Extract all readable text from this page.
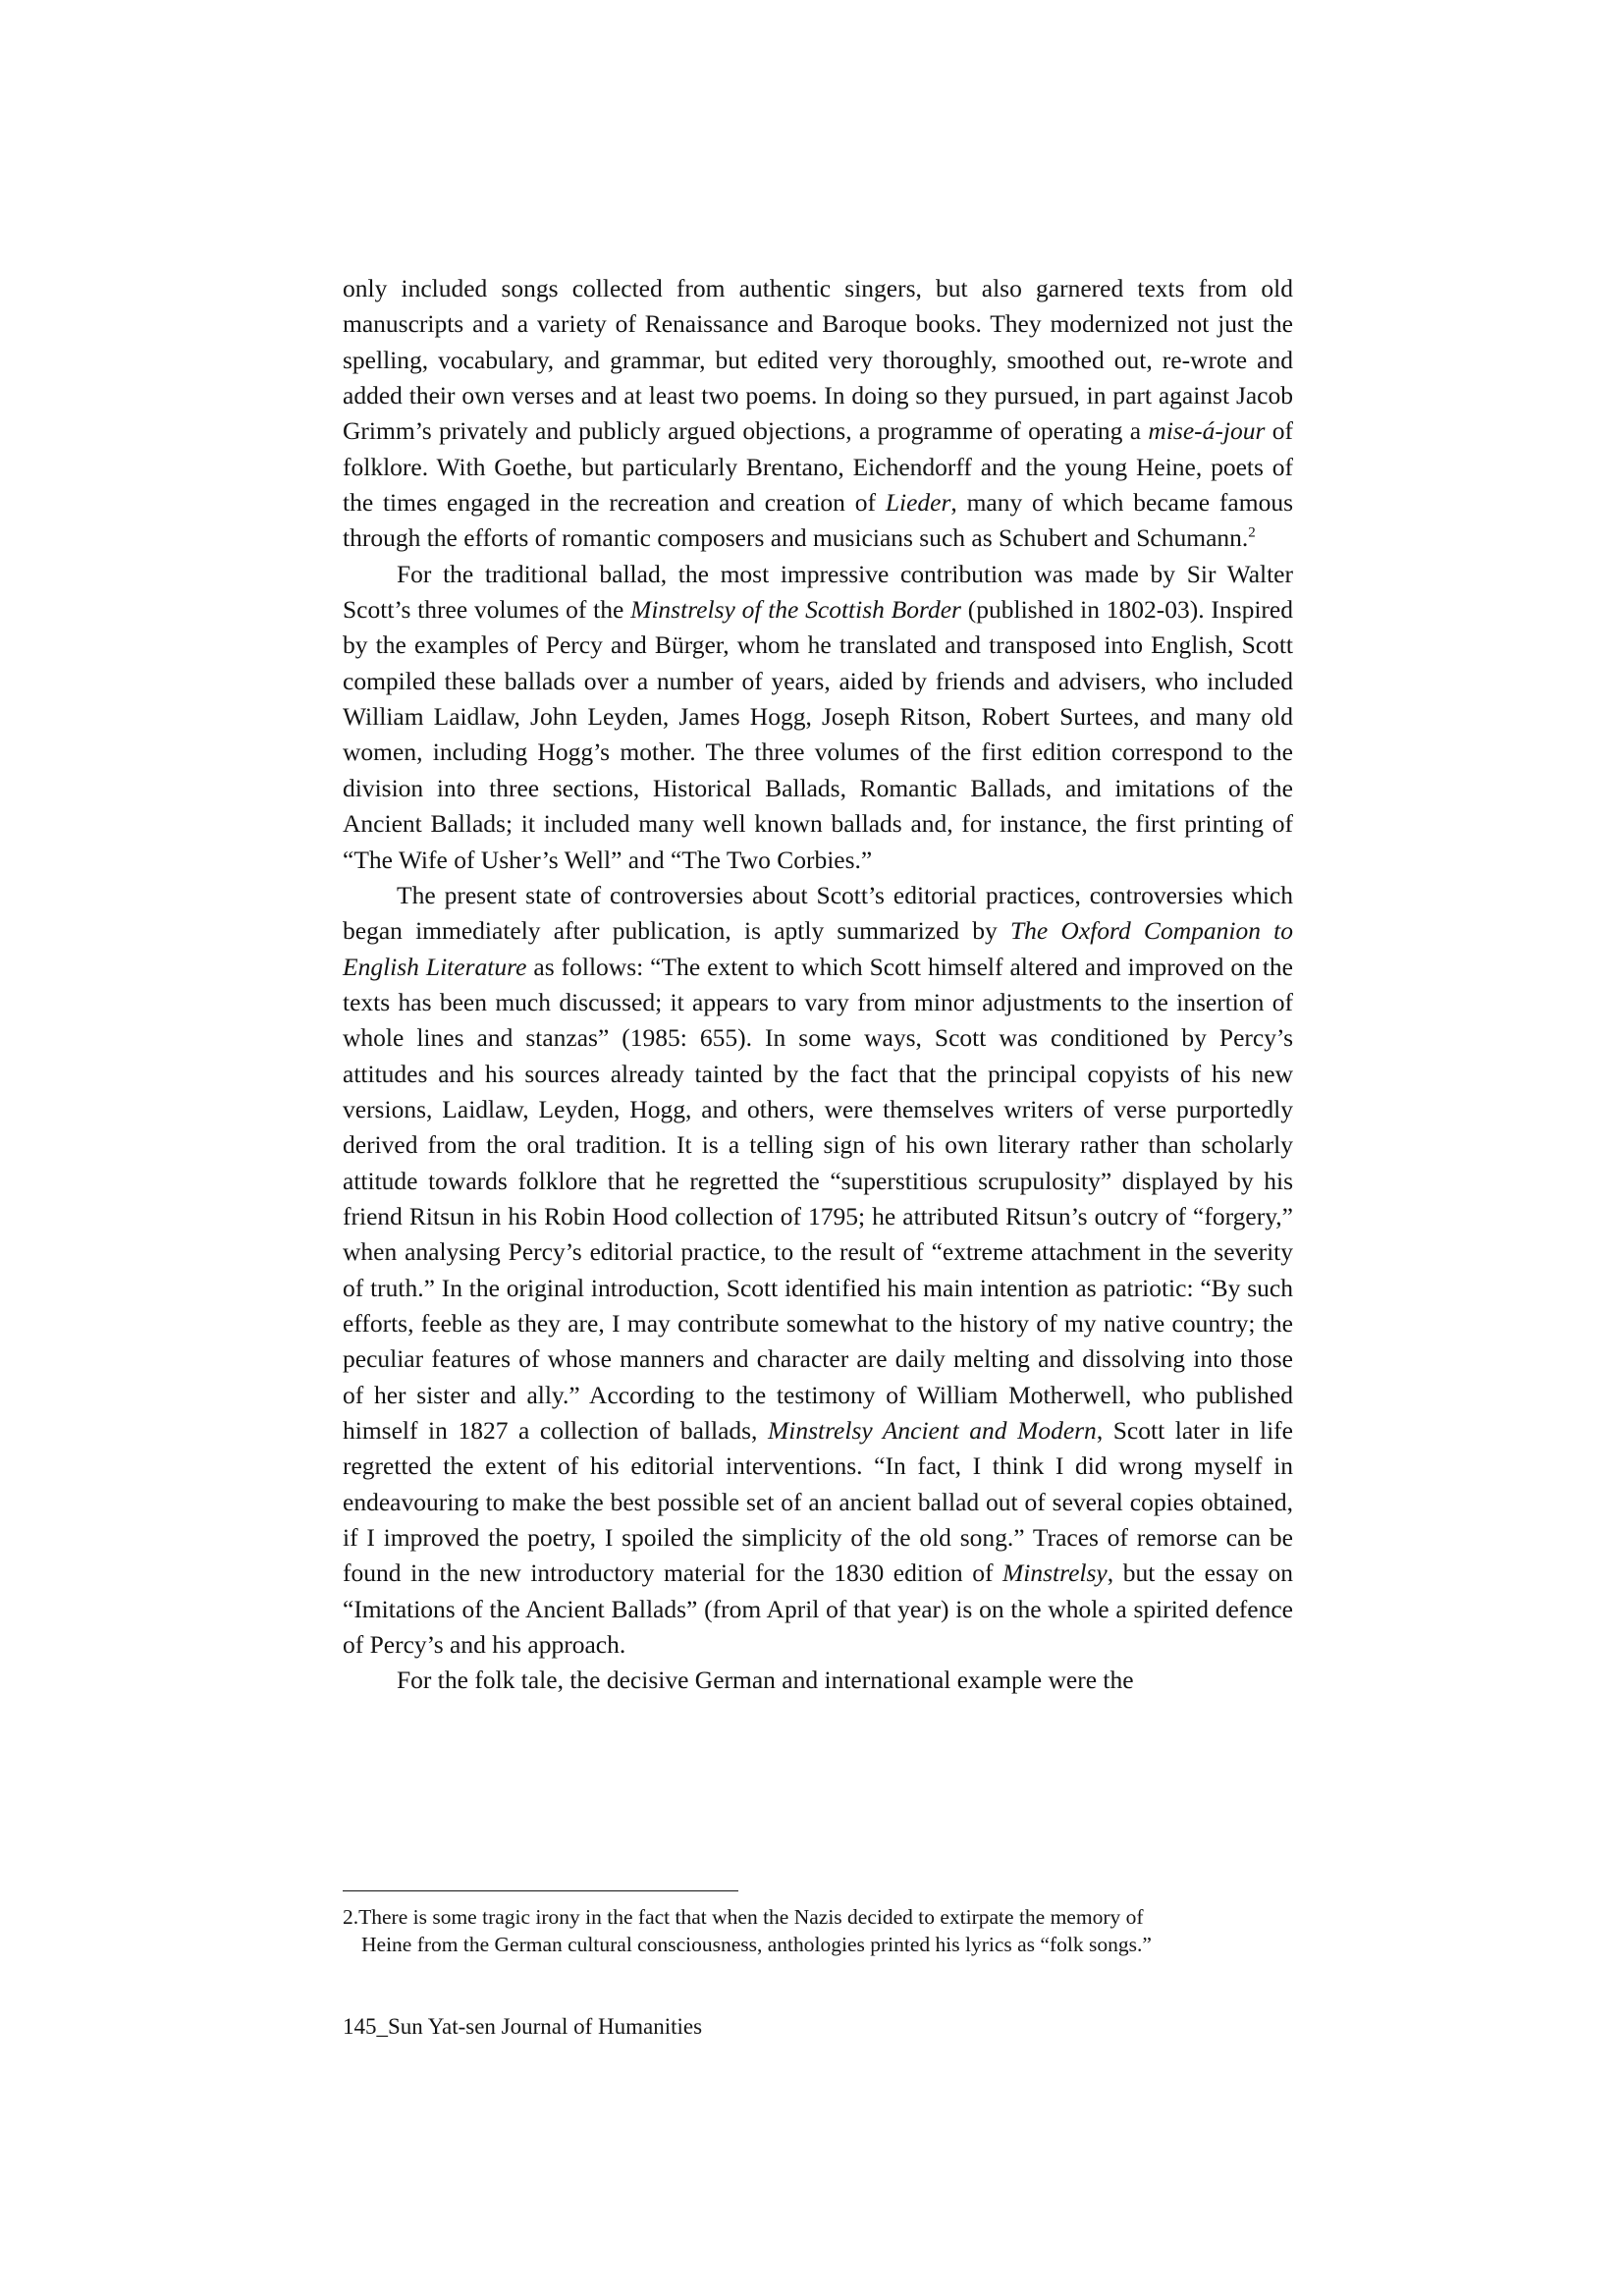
only included songs collected from authentic singers, but also garnered texts from old manuscripts and a variety of Renaissance and Baroque books. They modernized not just the spelling, vocabulary, and grammar, but edited very thoroughly, smoothed out, re-wrote and added their own verses and at least two poems. In doing so they pursued, in part against Jacob Grimm’s privately and publicly argued objections, a programme of operating a mise-á-jour of folklore. With Goethe, but particularly Brentano, Eichendorff and the young Heine, poets of the times engaged in the recreation and creation of Lieder, many of which became famous through the efforts of romantic composers and musicians such as Schubert and Schumann.$^2$

For the traditional ballad, the most impressive contribution was made by Sir Walter Scott’s three volumes of the Minstrelsy of the Scottish Border (published in 1802-03). Inspired by the examples of Percy and Bürger, whom he translated and transposed into English, Scott compiled these ballads over a number of years, aided by friends and advisers, who included William Laidlaw, John Leyden, James Hogg, Joseph Ritson, Robert Surtees, and many old women, including Hogg’s mother. The three volumes of the first edition correspond to the division into three sections, Historical Ballads, Romantic Ballads, and imitations of the Ancient Ballads; it included many well known ballads and, for instance, the first printing of “The Wife of Usher’s Well” and “The Two Corbies.”

The present state of controversies about Scott’s editorial practices, controversies which began immediately after publication, is aptly summarized by The Oxford Companion to English Literature as follows: “The extent to which Scott himself altered and improved on the texts has been much discussed; it appears to vary from minor adjustments to the insertion of whole lines and stanzas” (1985: 655). In some ways, Scott was conditioned by Percy’s attitudes and his sources already tainted by the fact that the principal copyists of his new versions, Laidlaw, Leyden, Hogg, and others, were themselves writers of verse purportedly derived from the oral tradition. It is a telling sign of his own literary rather than scholarly attitude towards folklore that he regretted the “superstitious scrupulosity” displayed by his friend Ritsun in his Robin Hood collection of 1795; he attributed Ritsun’s outcry of “forgery,” when analysing Percy’s editorial practice, to the result of “extreme attachment in the severity of truth.” In the original introduction, Scott identified his main intention as patriotic: “By such efforts, feeble as they are, I may contribute somewhat to the history of my native country; the peculiar features of whose manners and character are daily melting and dissolving into those of her sister and ally.” According to the testimony of William Motherwell, who published himself in 1827 a collection of ballads, Minstrelsy Ancient and Modern, Scott later in life regretted the extent of his editorial interventions. “In fact, I think I did wrong myself in endeavouring to make the best possible set of an ancient ballad out of several copies obtained, if I improved the poetry, I spoiled the simplicity of the old song.” Traces of remorse can be found in the new introductory material for the 1830 edition of Minstrelsy, but the essay on “Imitations of the Ancient Ballads” (from April of that year) is on the whole a spirited defence of Percy’s and his approach.

For the folk tale, the decisive German and international example were the

2.There is some tragic irony in the fact that when the Nazis decided to extirpate the memory of
Heine from the German cultural consciousness, anthologies printed his lyrics as “folk songs.”
145_Sun Yat-sen Journal of Humanities
